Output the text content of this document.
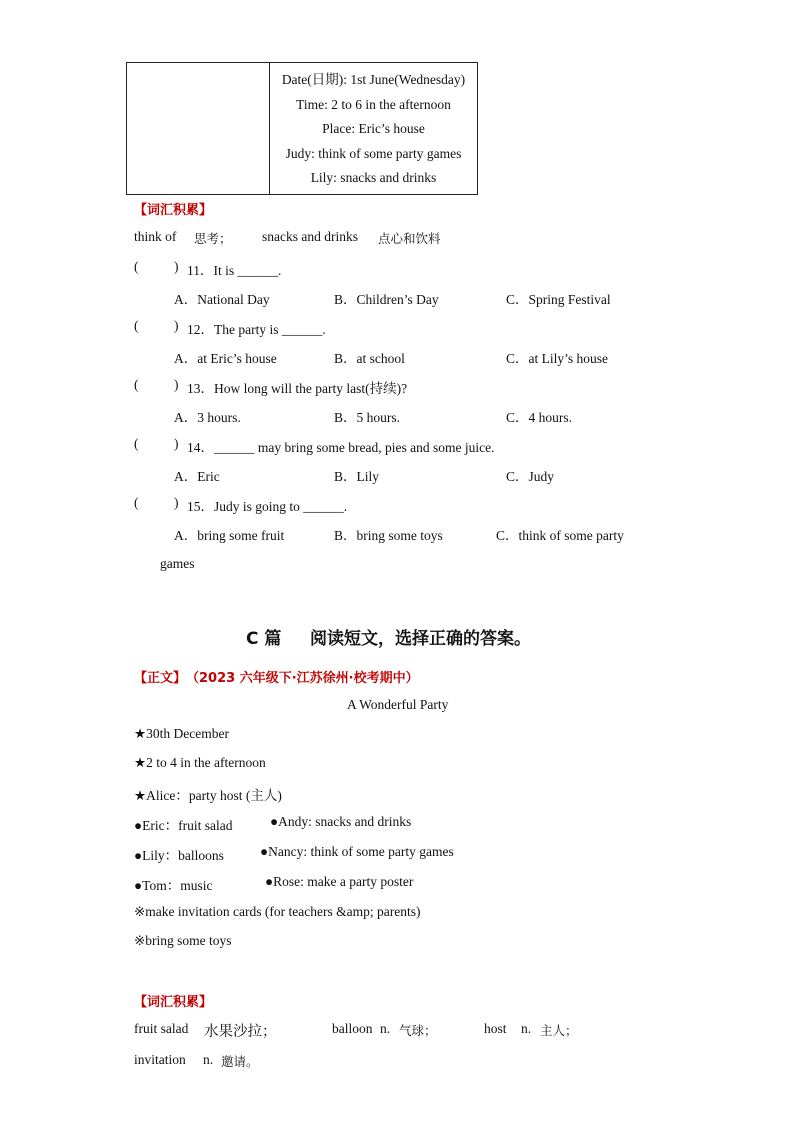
Date(日期): 1st June(Wednesday)
Time: 2 to 6 in the afternoon
Place: Eric’s house
Judy: think of some party games
Lily: snacks and drinks
【词汇积累】
think of 思考； snacks and drinks 点心和饮料
(	) 11．It is ______.
A．National Day	B．Children’s Day	C．Spring Festival
(	) 12．The party is ______.
A．at Eric’s house	B．at school	C．at Lily’s house
(	) 13．How long will the party last(持续)?
A．3 hours.	B．5 hours.	C．4 hours.
(	) 14．______ may bring some bread, pies and some juice.
A．Eric	B．Lily	C．Judy
(	) 15．Judy is going to ______.
A．bring some fruit	B．bring some toys	C．think of some party
games
C 篇 阅读短文，选择正确的答案。
【正文】 （2023 六年级下·江苏徐州·校考期中）
A Wonderful Party
★30th December
★2 to 4 in the afternoon
★Alice：party host (主人)
●Eric：fruit salad	●Andy: snacks and drinks
●Lily：balloons	●Nancy: think of some party games
●Tom：music	●Rose: make a party poster
※make invitation cards (for teachers &amp; parents)
※bring some toys
【词汇积累】
fruit salad 水果沙拉；	balloon n. 气球；	host n. 主人；
invitation n. 邀请。
